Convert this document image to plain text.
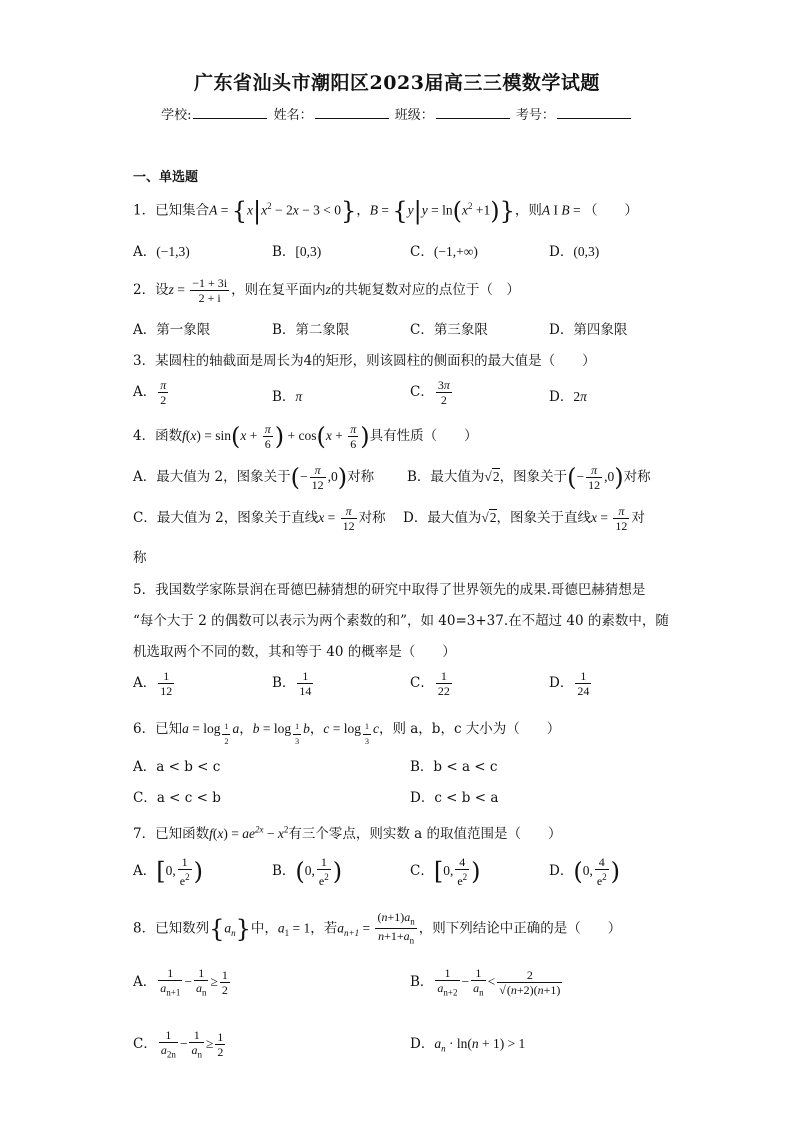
广东省汕头市潮阳区2023届高三三模数学试题
学校:	姓名：	班级：	考号：
一、单选题
1．已知集合$A = \{x|x^2 - 2x - 3 < 0\}$，$B = \{y|y = \ln(x^2 +1)\}$，则A I B = （　　）
A．(−1,3)	B．[0,3)	C．(−1,+∞)	D．(0,3)
2．设$z = \frac{-1 + 3i}{2 + i}$ ，则在复平面内z的共轭复数对应的点位于（　）
A．第一象限	B．第二象限	C．第三象限	D．第四象限
3．某圆柱的轴截面是周长为4的矩形，则该圆柱的侧面积的最大值是（　　）
A． $\frac{\pi}{2}$	B．π	C． $\frac{3\pi}{2}$	D．2π
4．函数$f(x) = \sin(x + \frac{\pi}{6}$ ) + $\cos(x + \frac{\pi}{6}$ )具有性质（　　）
A．最大值为 2，图象关于(− $\frac{\pi}{12} ,0$)对称 B．最大值为√2，图象关于(− $\frac{\pi}{12} ,0$)对称
C．最大值为 2，图象关于直线$x = \frac{\pi}{12}$ 对称 D．最大值为√2，图象关于直线$x = \frac{\pi}{12}$ 对
称
5．我国数学家陈景润在哥德巴赫猜想的研究中取得了世界领先的成果.哥德巴赫猜想是
“每个大于 2 的偶数可以表示为两个素数的和”，如 40=3+37.在不超过 40 的素数中，随
机选取两个不同的数，其和等于 40 的概率是（　　）
A． $\frac{1}{12}$	B． $\frac{1}{14}$	C． $\frac{1}{22}$	D． $\frac{1}{24}$
6．已知a = log $_{\frac{1}{2}}$ a，b = log $_{\frac{1}{3}}$ b，c = log $_{\frac{1}{3}}$ c，则 a，b，c 大小为（　　）
A．a < b < c	B．b < a < c
C．a < c < b	D．c < b < a
7．已知函数$f(x) = ae^{2x} - x^2$有三个零点，则实数 a 的取值范围是（　　）
A．[0, $\frac{1}{e^2}$ )	B．(0, $\frac{1}{e^2}$ )	C．[0, $\frac{4}{e^2}$ )	D．(0, $\frac{4}{e^2}$ )
8．已知数列$\{a_n\}$中，$a_1 = 1$，若$a_{n+1} = \frac{(n+1)a_n}{n+1+a_n}$ ，则下列结论中正确的是（　　）
A． $\frac{1}{a_{n+1}} - \frac{1}{a_n} \ge \frac{1}{2}$	B． $\frac{1}{a_{n+2}} - \frac{1}{a_n} < \frac{2}{√(n+2)(n+1)}$
C． $\frac{1}{a_{2n}} - \frac{1}{a_n} \ge \frac{1}{2}$	D．$a_n \cdot \ln(n + 1) > 1$
